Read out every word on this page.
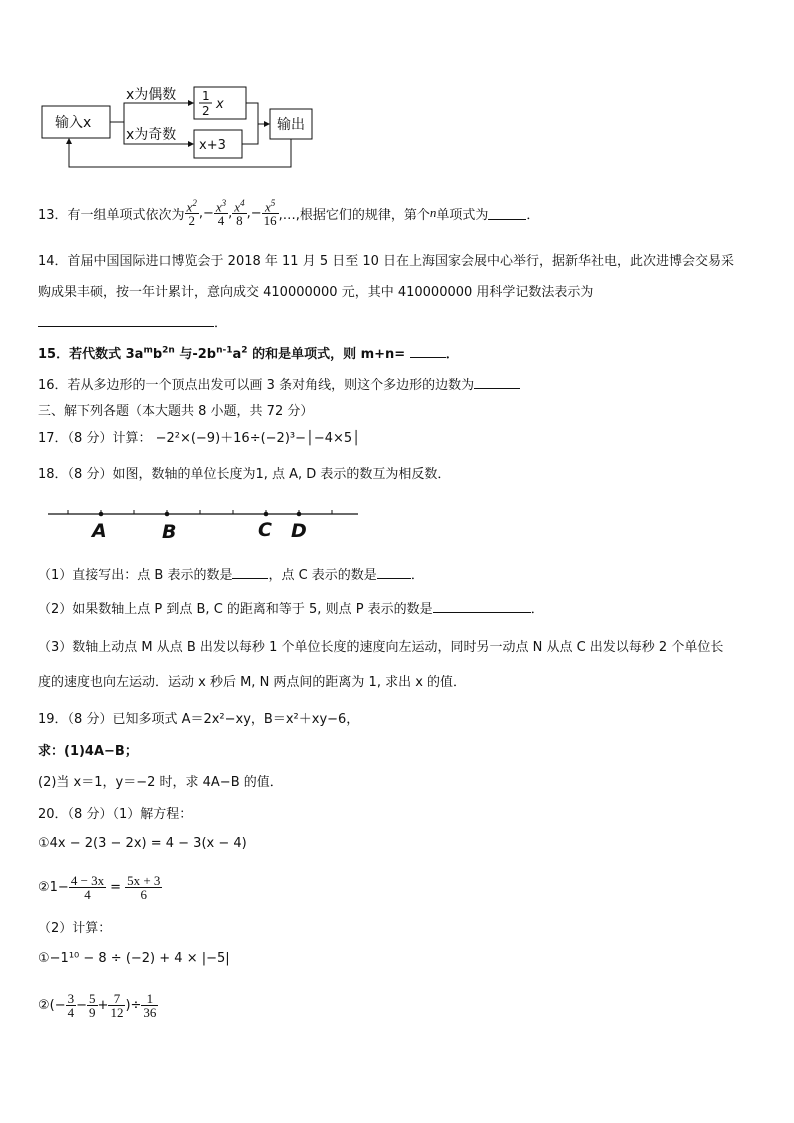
输入x
x为偶数
x为奇数
1
2 x
x+3
输出
13．有一组单项式依次为 $\frac{x^2}{2}$ ,− $\frac{x^3}{4}$ , $\frac{x^4}{8}$ ,− $\frac{x^5}{16}$ ,…,根据它们的规律，第个 n 单项式为	．
14．首届中国国际进口博览会于 2018 年 11 月 5 日至 10 日在上海国家会展中心举行，据新华社电，此次进博会交易采
购成果丰硕，按一年计累计，意向成交 410000000 元，其中 410000000 用科学记数法表示为
．
15．若代数式 $3a^mb^{2n}$ 与$-2b^{n-1}a^2$ 的和是单项式，则 m+n=	．
16．若从多边形的一个顶点出发可以画 3 条对角线，则这个多边形的边数为
三、解下列各题（本大题共 8 小题，共 72 分）
17．（8 分）计算： −2²×(−9)＋16÷(−2)³−│−4×5│
18．（8 分）如图，数轴的单位长度为1, 点 A, D 表示的数互为相反数．
A	B	C D
（1）直接写出：点 B 表示的数是	，点 C 表示的数是	．
（2）如果数轴上点 P 到点 B, C 的距离和等于 5, 则点 P 表示的数是	．
（3）数轴上动点 M 从点 B 出发以每秒 1 个单位长度的速度向左运动，同时另一动点 N 从点 C 出发以每秒 2 个单位长
度的速度也向左运动．运动 x 秒后 M, N 两点间的距离为 1, 求出 x 的值．
19．（8 分）已知多项式 A＝2x²−xy，B＝x²＋xy−6，
求：(1)4A−B；
(2)当 x＝1，y＝−2 时，求 4A−B 的值．
20．（8 分）（1）解方程：
①4x − 2(3 − 2x) = 4 − 3(x − 4)
②1− $\frac{4 - 3x}{4} = \frac{5x + 3}{6}$
（2）计算：
①−1¹⁰ − 8 ÷ (−2) + 4 × |−5|
②(− $\frac{3}{4} - \frac{5}{9} + \frac{7}{12}$ )÷ $\frac{1}{36}$
